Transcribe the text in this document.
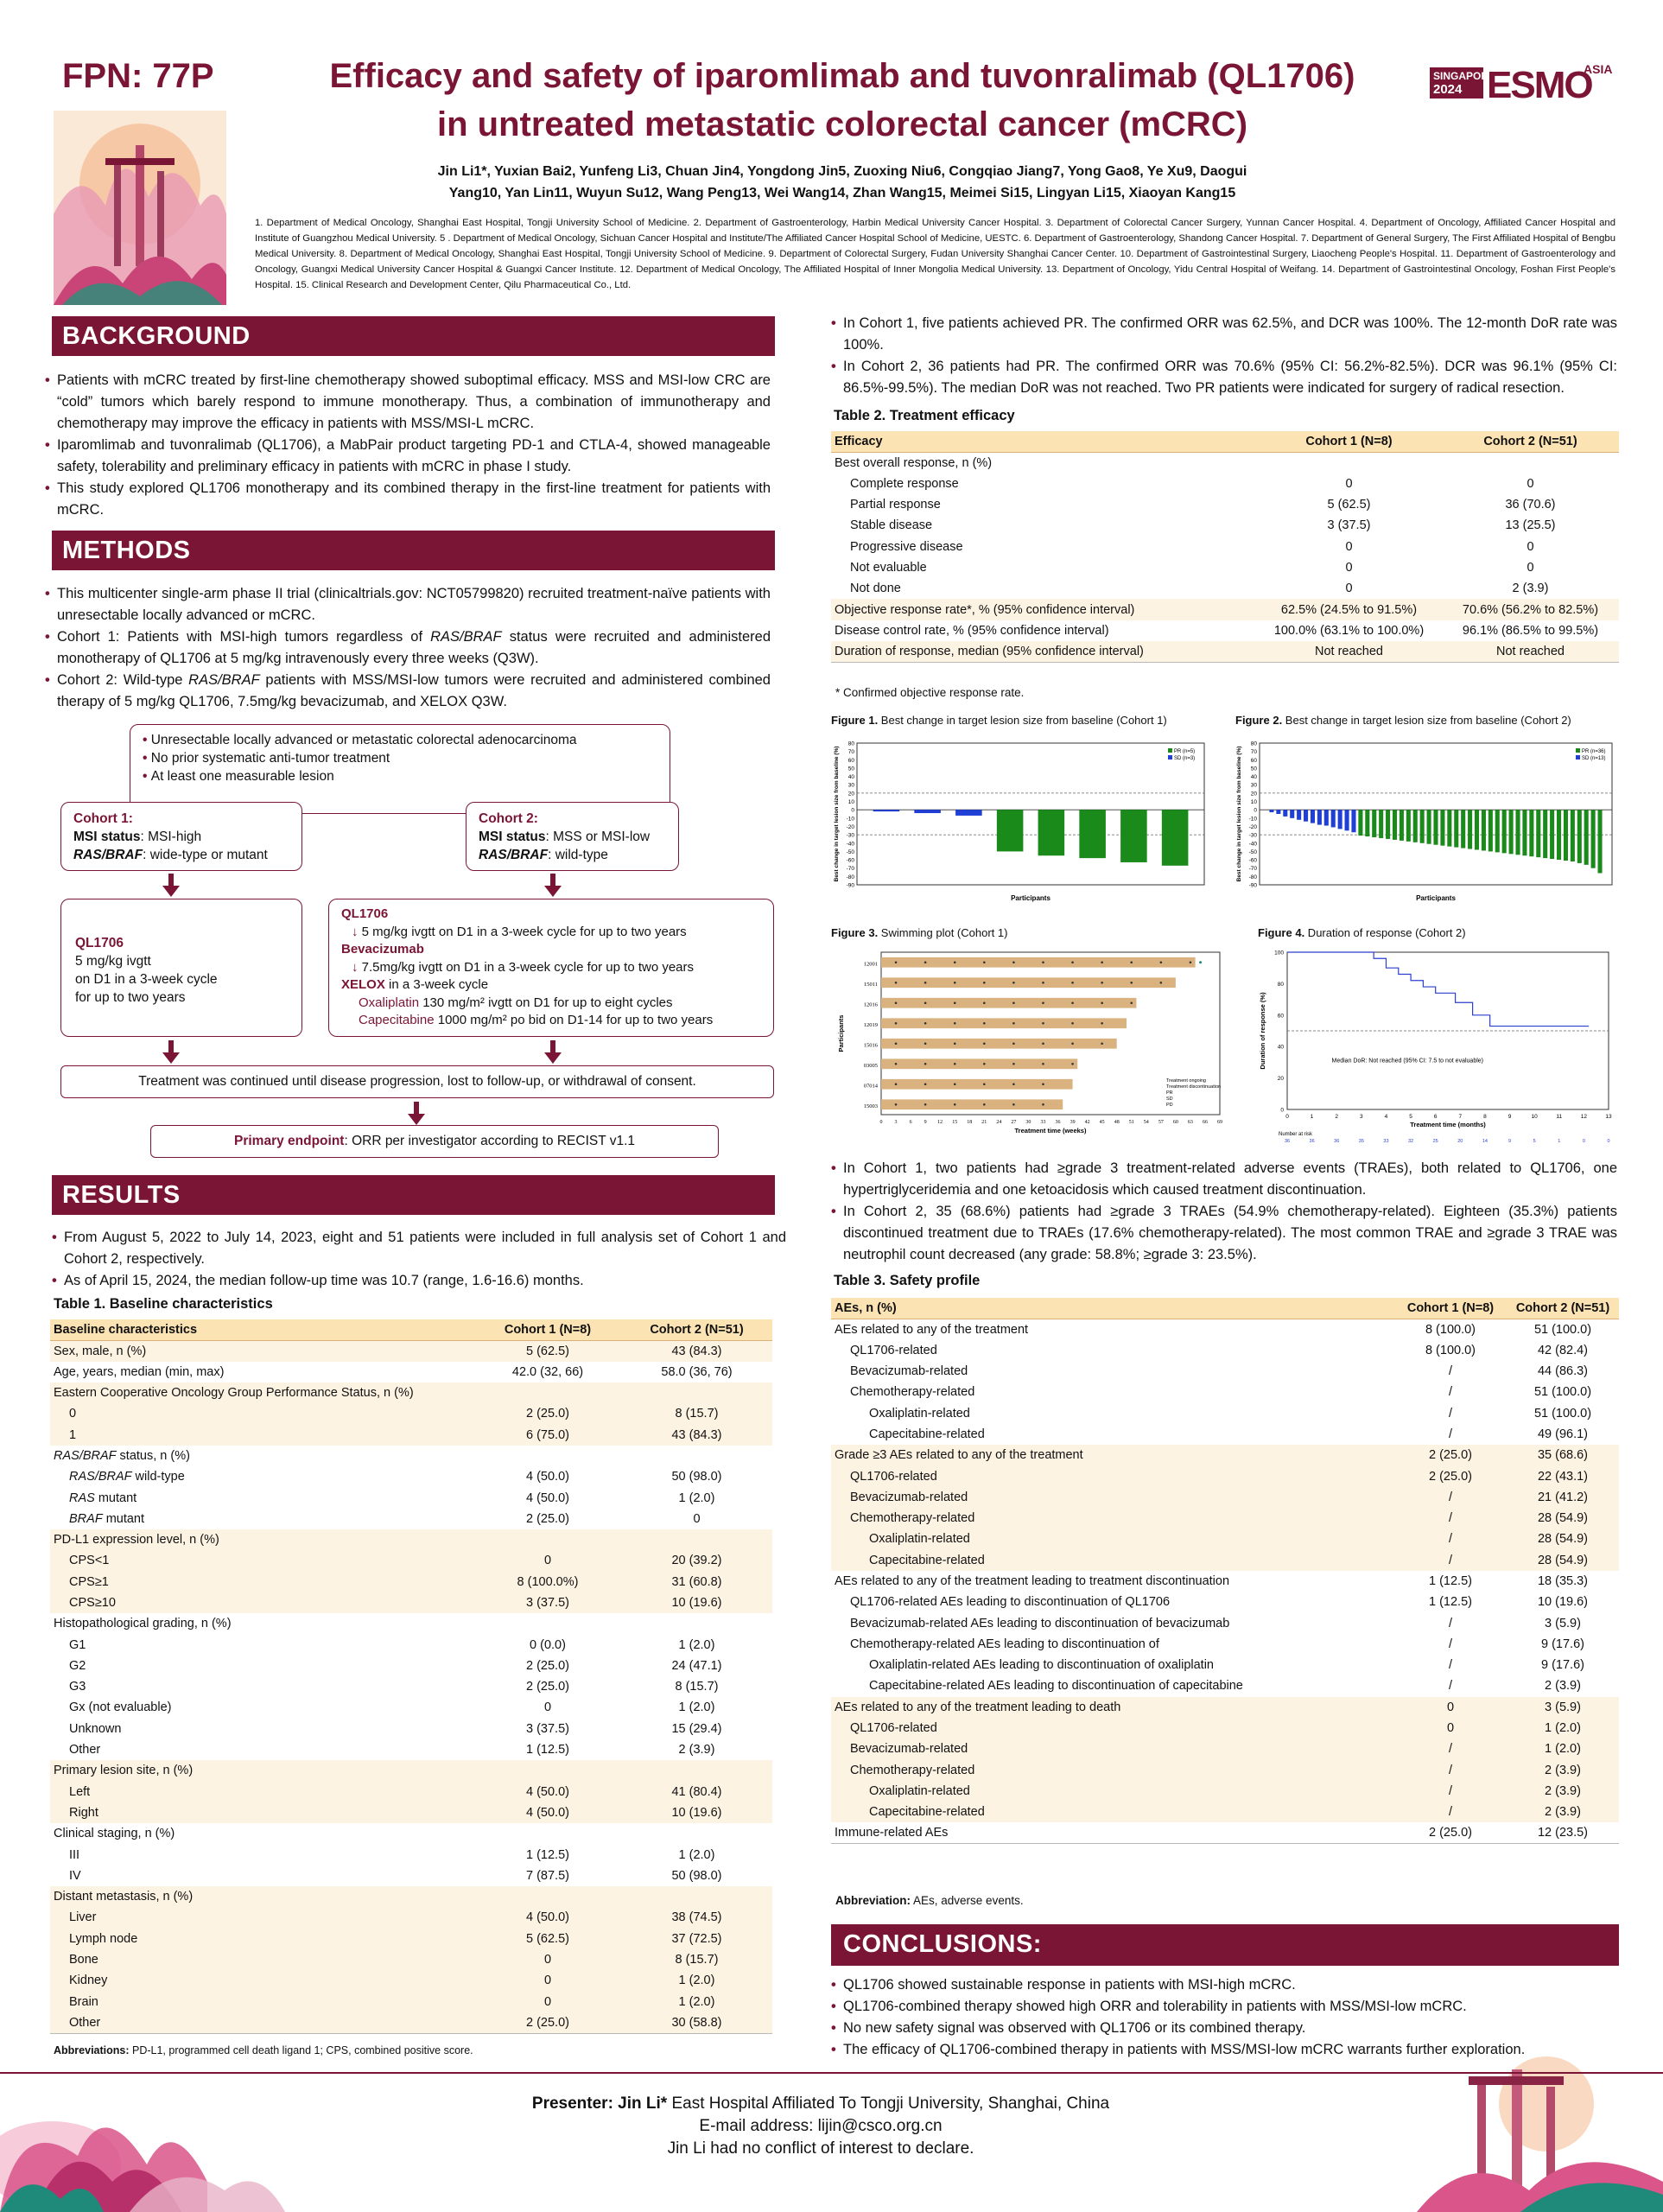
FPN: 77P	Efficacy and safety of iparomlimab and tuvonralimab (QL1706)
in untreated metastatic colorectal cancer (mCRC)
SINGAPORE
2024 ESMO
ASIA
Jin Li1*, Yuxian Bai2, Yunfeng Li3, Chuan Jin4, Yongdong Jin5, Zuoxing Niu6, Congqiao Jiang7, Yong Gao8, Ye Xu9, Daogui
Yang10, Yan Lin11, Wuyun Su12, Wang Peng13, Wei Wang14, Zhan Wang15, Meimei Si15, Lingyan Li15, Xiaoyan Kang15
1. Department of Medical Oncology, Shanghai East Hospital, Tongji University School of Medicine. 2. Department of Gastroenterology, Harbin Medical University Cancer Hospital. 3. Department of Colorectal Cancer Surgery, Yunnan Cancer Hospital. 4. Department of Oncology, Affiliated Cancer Hospital and Institute of Guangzhou Medical University. 5 . Department of Medical Oncology, Sichuan Cancer Hospital and Institute/The Affiliated Cancer Hospital School of Medicine, UESTC. 6. Department of Gastroenterology, Shandong Cancer Hospital. 7. Department of General Surgery, The First Affiliated Hospital of Bengbu Medical University. 8. Department of Medical Oncology, Shanghai East Hospital, Tongji University School of Medicine. 9. Department of Colorectal Surgery, Fudan University Shanghai Cancer Center. 10. Department of Gastrointestinal Surgery, Liaocheng People's Hospital. 11. Department of Gastroenterology and Oncology, Guangxi Medical University Cancer Hospital & Guangxi Cancer Institute. 12. Department of Medical Oncology, The Affiliated Hospital of Inner Mongolia Medical University. 13. Department of Oncology, Yidu Central Hospital of Weifang. 14. Department of Gastrointestinal Oncology, Foshan First People's Hospital. 15. Clinical Research and Development Center, Qilu Pharmaceutical Co., Ltd.
BACKGROUND
• Patients with mCRC treated by first-line chemotherapy showed suboptimal efficacy. MSS and MSI-low CRC are “cold” tumors which barely respond to immune monotherapy. Thus, a combination of immunotherapy and chemotherapy may improve the efficacy in patients with MSS/MSI-L mCRC.
• Iparomlimab and tuvonralimab (QL1706), a MabPair product targeting PD-1 and CTLA-4, showed manageable safety, tolerability and preliminary efficacy in patients with mCRC in phase I study.
• This study explored QL1706 monotherapy and its combined therapy in the first-line treatment for patients with mCRC.
METHODS
• This multicenter single-arm phase II trial (clinicaltrials.gov: NCT05799820) recruited treatment-naïve patients with unresectable locally advanced or mCRC.
• Cohort 1: Patients with MSI-high tumors regardless of RAS/BRAF status were recruited and administered monotherapy of QL1706 at 5 mg/kg intravenously every three weeks (Q3W).
• Cohort 2: Wild-type RAS/BRAF patients with MSS/MSI-low tumors were recruited and administered combined therapy of 5 mg/kg QL1706, 7.5mg/kg bevacizumab, and XELOX Q3W.
• Unresectable locally advanced or metastatic colorectal adenocarcinoma
• No prior systematic anti-tumor treatment
• At least one measurable lesion
Cohort 1:
MSI status: MSI-high
RAS/BRAF: wide-type or mutant
Cohort 2:
MSI status: MSS or MSI-low
RAS/BRAF: wild-type
QL1706
5 mg/kg ivgtt
on D1 in a 3-week cycle
for up to two years
QL1706
↓ 5 mg/kg ivgtt on D1 in a 3-week cycle for up to two years
Bevacizumab
↓ 7.5mg/kg ivgtt on D1 in a 3-week cycle for up to two years
XELOX in a 3-week cycle
Oxaliplatin 130 mg/m² ivgtt on D1 for up to eight cycles
Capecitabine 1000 mg/m² po bid on D1-14 for up to two years
Treatment was continued until disease progression, lost to follow-up, or withdrawal of consent.
Primary endpoint: ORR per investigator according to RECIST v1.1
RESULTS
• From August 5, 2022 to July 14, 2023, eight and 51 patients were included in full analysis set of Cohort 1 and Cohort 2, respectively.
• As of April 15, 2024, the median follow-up time was 10.7 (range, 1.6-16.6) months.
Table 1. Baseline characteristics
Baseline characteristics	Cohort 1 (N=8)	Cohort 2 (N=51)
Sex, male, n (%)	5 (62.5)	43 (84.3)
Age, years, median (min, max)	42.0 (32, 66)	58.0 (36, 76)
Eastern Cooperative Oncology Group Performance Status, n (%)		
0	2 (25.0)	8 (15.7)
1	6 (75.0)	43 (84.3)
RAS/BRAF status, n (%)		
RAS/BRAF wild-type	4 (50.0)	50 (98.0)
RAS mutant	4 (50.0)	1 (2.0)
BRAF mutant	2 (25.0)	0
PD-L1 expression level, n (%)		
CPS<1	0	20 (39.2)
CPS≥1	8 (100.0%)	31 (60.8)
CPS≥10	3 (37.5)	10 (19.6)
Histopathological grading, n (%)		
G1	0 (0.0)	1 (2.0)
G2	2 (25.0)	24 (47.1)
G3	2 (25.0)	8 (15.7)
Gx (not evaluable)	0	1 (2.0)
Unknown	3 (37.5)	15 (29.4)
Other	1 (12.5)	2 (3.9)
Primary lesion site, n (%)		
Left	4 (50.0)	41 (80.4)
Right	4 (50.0)	10 (19.6)
Clinical staging, n (%)		
III	1 (12.5)	1 (2.0)
IV	7 (87.5)	50 (98.0)
Distant metastasis, n (%)		
Liver	4 (50.0)	38 (74.5)
Lymph node	5 (62.5)	37 (72.5)
Bone	0	8 (15.7)
Kidney	0	1 (2.0)
Brain	0	1 (2.0)
Other	2 (25.0)	30 (58.8)
Abbreviations: PD-L1, programmed cell death ligand 1; CPS, combined positive score.
• In Cohort 1, five patients achieved PR. The confirmed ORR was 62.5%, and DCR was 100%. The 12-month DoR rate was 100%.
• In Cohort 2, 36 patients had PR. The confirmed ORR was 70.6% (95% CI: 56.2%-82.5%). DCR was 96.1% (95% CI: 86.5%-99.5%). The median DoR was not reached. Two PR patients were indicated for surgery of radical resection.
Table 2. Treatment efficacy
Efficacy	Cohort 1 (N=8)	Cohort 2 (N=51)
Best overall response, n (%)		
Complete response	0	0
Partial response	5 (62.5)	36 (70.6)
Stable disease	3 (37.5)	13 (25.5)
Progressive disease	0	0
Not evaluable	0	0
Not done	0	2 (3.9)
Objective response rate*, % (95% confidence interval)	62.5% (24.5% to 91.5%)	70.6% (56.2% to 82.5%)
Disease control rate, % (95% confidence interval)	100.0% (63.1% to 100.0%)	96.1% (86.5% to 99.5%)
Duration of response, median (95% confidence interval)	Not reached	Not reached
* Confirmed objective response rate.
Figure 1. Best change in target lesion size from baseline (Cohort 1)	Figure 2. Best change in target lesion size from baseline (Cohort 2)
-90
-80
-70
-60
-50
-40
-30
-20
-10
0
10
20
30
40
50
60
70
80
Participants
Best change in target lesion size from baseline (%)	PR (n=5)
SD (n=3)
-90
-80
-70
-60
-50
-40
-30
-20
-10
0
10
20
30
40
50
60
70
80
Participants
Best change in target lesion size from baseline (%)	PR (n=36)
SD (n=13)
Figure 3. Swimming plot (Cohort 1)	Figure 4. Duration of response (Cohort 2)
12001
15011
12016
12019
15016
03005
07014
15003
0 3 6 9 12 15 18 21 24 27 30 33 36 39 42 45 48 51 54 57 60 63 66 69
Treatment time (weeks)
Participants
Treatment ongoing
Treatment discontinuation
PR
SD
PD
0
20
40
60
80
100
0	1	2	3	4	5	6	7	8	9	10	11	12	13
Median DoR: Not reached (95% CI: 7.5 to not evaluable)
Treatment time (months)
Duration of response (%)
Number at risk
36	36	36	35	33	32	25	20	14	9	5	1	0	0
• In Cohort 1, two patients had ≥grade 3 treatment-related adverse events (TRAEs), both related to QL1706, one hypertriglyceridemia and one ketoacidosis which caused treatment discontinuation.
• In Cohort 2, 35 (68.6%) patients had ≥grade 3 TRAEs (54.9% chemotherapy-related). Eighteen (35.3%) patients discontinued treatment due to TRAEs (17.6% chemotherapy-related). The most common TRAE and ≥grade 3 TRAE was neutrophil count decreased (any grade: 58.8%; ≥grade 3: 23.5%).
Table 3. Safety profile
AEs, n (%)	Cohort 1 (N=8)	Cohort 2 (N=51)
AEs related to any of the treatment	8 (100.0)	51 (100.0)
QL1706-related	8 (100.0)	42 (82.4)
Bevacizumab-related	/	44 (86.3)
Chemotherapy-related	/	51 (100.0)
Oxaliplatin-related	/	51 (100.0)
Capecitabine-related	/	49 (96.1)
Grade ≥3 AEs related to any of the treatment	2 (25.0)	35 (68.6)
QL1706-related	2 (25.0)	22 (43.1)
Bevacizumab-related	/	21 (41.2)
Chemotherapy-related	/	28 (54.9)
Oxaliplatin-related	/	28 (54.9)
Capecitabine-related	/	28 (54.9)
AEs related to any of the treatment leading to treatment discontinuation	1 (12.5)	18 (35.3)
QL1706-related AEs leading to discontinuation of QL1706	1 (12.5)	10 (19.6)
Bevacizumab-related AEs leading to discontinuation of bevacizumab	/	3 (5.9)
Chemotherapy-related AEs leading to discontinuation of	/	9 (17.6)
Oxaliplatin-related AEs leading to discontinuation of oxaliplatin	/	9 (17.6)
Capecitabine-related AEs leading to discontinuation of capecitabine	/	2 (3.9)
AEs related to any of the treatment leading to death	0	3 (5.9)
QL1706-related	0	1 (2.0)
Bevacizumab-related	/	1 (2.0)
Chemotherapy-related	/	2 (3.9)
Oxaliplatin-related	/	2 (3.9)
Capecitabine-related	/	2 (3.9)
Immune-related AEs	2 (25.0)	12 (23.5)
Abbreviation: AEs, adverse events.
CONCLUSIONS:
• QL1706 showed sustainable response in patients with MSI-high mCRC.
• QL1706-combined therapy showed high ORR and tolerability in patients with MSS/MSI-low mCRC.
• No new safety signal was observed with QL1706 or its combined therapy.
• The efficacy of QL1706-combined therapy in patients with MSS/MSI-low mCRC warrants further exploration.
Presenter: Jin Li* East Hospital Affiliated To Tongji University, Shanghai, China
E-mail address: lijin@csco.org.cn
Jin Li had no conflict of interest to declare.
